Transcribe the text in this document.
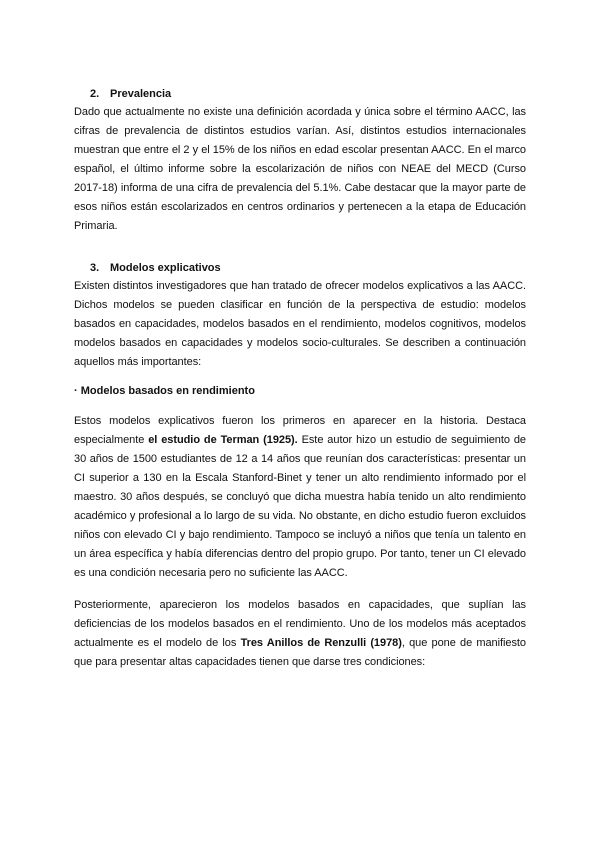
2. Prevalencia

Dado que actualmente no existe una definición acordada y única sobre el término AACC, las cifras de prevalencia de distintos estudios varían. Así, distintos estudios internacionales muestran que entre el 2 y el 15% de los niños en edad escolar presentan AACC. En el marco español, el último informe sobre la escolarización de niños con NEAE del MECD (Curso 2017-18) informa de una cifra de prevalencia del 5.1%. Cabe destacar que la mayor parte de esos niños están escolarizados en centros ordinarios y pertenecen a la etapa de Educación Primaria.

3. Modelos explicativos

Existen distintos investigadores que han tratado de ofrecer modelos explicativos a las AACC. Dichos modelos se pueden clasificar en función de la perspectiva de estudio: modelos basados en capacidades, modelos basados en el rendimiento, modelos cognitivos, modelos modelos basados en capacidades y modelos socio-culturales. Se describen a continuación aquellos más importantes:

· Modelos basados en rendimiento

Estos modelos explicativos fueron los primeros en aparecer en la historia. Destaca especialmente el estudio de Terman (1925). Este autor hizo un estudio de seguimiento de 30 años de 1500 estudiantes de 12 a 14 años que reunían dos características: presentar un CI superior a 130 en la Escala Stanford-Binet y tener un alto rendimiento informado por el maestro. 30 años después, se concluyó que dicha muestra había tenido un alto rendimiento académico y profesional a lo largo de su vida. No obstante, en dicho estudio fueron excluidos niños con elevado CI y bajo rendimiento. Tampoco se incluyó a niños que tenía un talento en un área específica y había diferencias dentro del propio grupo. Por tanto, tener un CI elevado es una condición necesaria pero no suficiente las AACC.

Posteriormente, aparecieron los modelos basados en capacidades, que suplían las deficiencias de los modelos basados en el rendimiento. Uno de los modelos más aceptados actualmente es el modelo de los Tres Anillos de Renzulli (1978), que pone de manifiesto que para presentar altas capacidades tienen que darse tres condiciones:
